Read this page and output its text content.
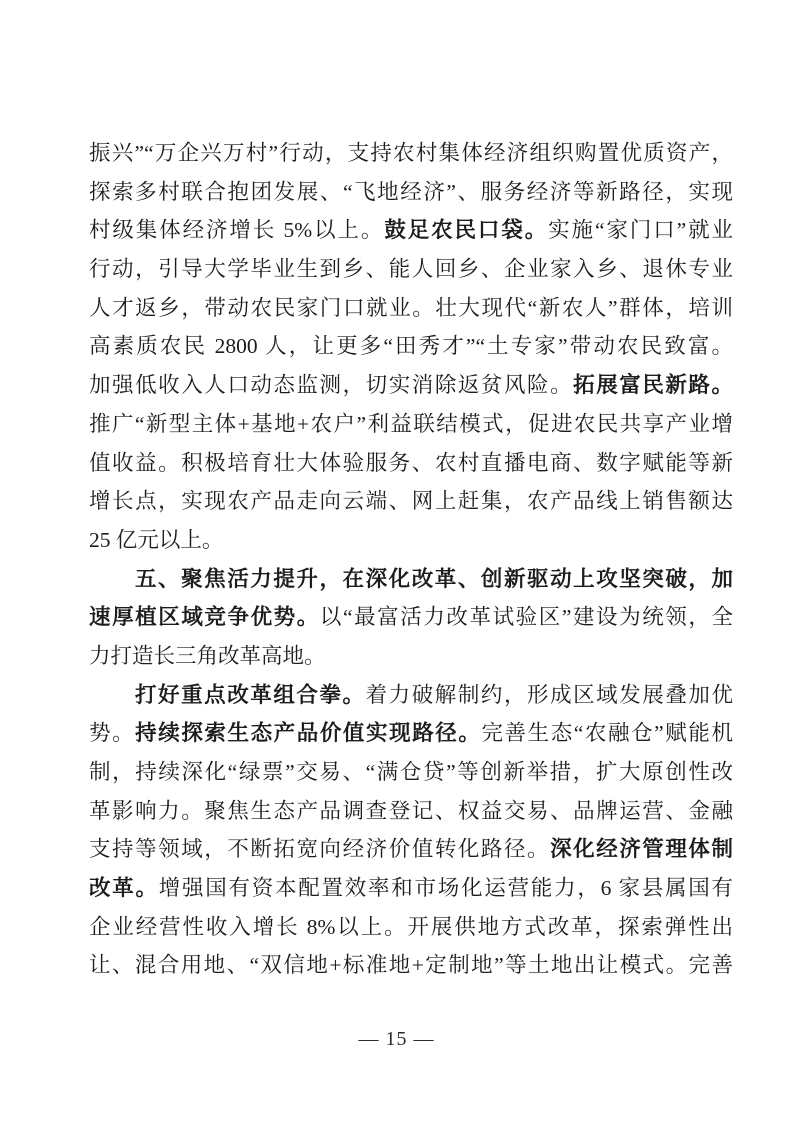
振兴”“万企兴万村”行动，支持农村集体经济组织购置优质资产，
探索多村联合抱团发展、“飞地经济”、服务经济等新路径，实现
村级集体经济增长 5%以上。鼓足农民口袋。实施“家门口”就业
行动，引导大学毕业生到乡、能人回乡、企业家入乡、退休专业
人才返乡，带动农民家门口就业。壮大现代“新农人”群体，培训
高素质农民 2800 人，让更多“田秀才”“土专家”带动农民致富。
加强低收入人口动态监测，切实消除返贫风险。拓展富民新路。
推广“新型主体+基地+农户”利益联结模式，促进农民共享产业增
值收益。积极培育壮大体验服务、农村直播电商、数字赋能等新
增长点，实现农产品走向云端、网上赶集，农产品线上销售额达
25 亿元以上。
五、聚焦活力提升，在深化改革、创新驱动上攻坚突破，加
速厚植区域竞争优势。以“最富活力改革试验区”建设为统领，全
力打造长三角改革高地。
打好重点改革组合拳。着力破解制约，形成区域发展叠加优
势。持续探索生态产品价值实现路径。完善生态“农融仓”赋能机
制，持续深化“绿票”交易、“满仓贷”等创新举措，扩大原创性改
革影响力。聚焦生态产品调查登记、权益交易、品牌运营、金融
支持等领域，不断拓宽向经济价值转化路径。深化经济管理体制
改革。增强国有资本配置效率和市场化运营能力，6 家县属国有
企业经营性收入增长 8%以上。开展供地方式改革，探索弹性出
让、混合用地、“双信地+标准地+定制地”等土地出让模式。完善
— 15 —
